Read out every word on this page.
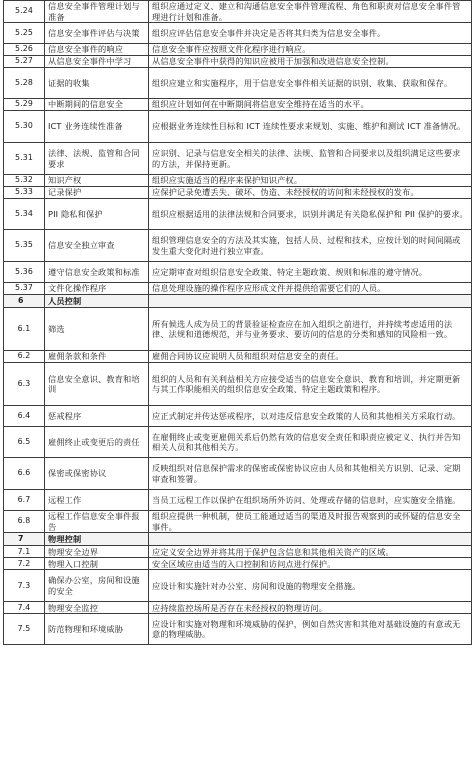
5.24	信息安全事件管理计划与准备	组织应通过定义、建立和沟通信息安全事件管理流程、角色和职责对信息安全事件管理进行计划和准备。
5.25	信息安全事件评估与决策	组织应评估信息安全事件并决定是否将其归类为信息安全事件。
5.26	信息安全事件的响应	信息安全事件应按照文件化程序进行响应。
5.27	从信息安全事件中学习	从信息安全事件中获得的知识应被用于加强和改进信息安全控制。
5.28	证据的收集	组织应建立和实施程序，用于信息安全事件相关证据的识别、收集、获取和保存。
5.29	中断期间的信息安全	组织应计划如何在中断期间将信息安全维持在适当的水平。
5.30	ICT 业务连续性准备	应根据业务连续性目标和 ICT 连续性要求来规划、实施、维护和测试 ICT 准备情况。
5.31	法律、法规、监管和合同要求	应识别、记录与信息安全相关的法律、法规、监管和合同要求以及组织满足这些要求的方法，并保持更新。
5.32	知识产权	组织应实施适当的程序来保护知识产权。
5.33	记录保护	应保护记录免遭丢失、破坏、伪造、未经授权的访问和未经授权的发布。
5.34	PII 隐私和保护	组织应根据适用的法律法规和合同要求，识别并满足有关隐私保护和 PII 保护的要求。
5.35	信息安全独立审查	组织管理信息安全的方法及其实施，包括人员、过程和技术，应按计划的时间间隔或发生重大变化时进行独立审查。
5.36	遵守信息安全政策和标准	应定期审查对组织信息安全政策、特定主题政策、规则和标准的遵守情况。
5.37	文件化操作程序	信息处理设施的操作程序应形成文件并提供给需要它们的人员。
6	人员控制	
6.1	筛选	所有候选人成为员工的背景验证检查应在加入组织之前进行，并持续考虑适用的法律、法规和道德规范，并与业务要求、要访问的信息的分类和感知的风险相一致。
6.2	雇佣条款和条件	雇佣合同协议应说明人员和组织对信息安全的责任。
6.3	信息安全意识、教育和培训	组织的人员和有关利益相关方应接受适当的信息安全意识、教育和培训，并定期更新与其工作职能相关的组织信息安全政策、特定主题政策和程序。
6.4	惩戒程序	应正式制定并传达惩戒程序，以对违反信息安全政策的人员和其他相关方采取行动。
6.5	雇佣终止或变更后的责任	在雇佣终止或变更雇佣关系后仍然有效的信息安全责任和职责应被定义、执行并告知相关人员和其他相关方。
6.6	保密或保密协议	反映组织对信息保护需求的保密或保密协议应由人员和其他相关方识别、记录、定期审查和签署。
6.7	远程工作	当员工远程工作以保护在组织场所外访问、处理或存储的信息时，应实施安全措施。
6.8	远程工作信息安全事件报告	组织应提供一种机制，使员工能通过适当的渠道及时报告观察到的或怀疑的信息安全事件。
7	物理控制	
7.1	物理安全边界	应定义安全边界并将其用于保护包含信息和其他相关资产的区域。
7.2	物理入口控制	安全区域应由适当的入口控制和访问点进行保护。
7.3	确保办公室，房间和设施的安全	应设计和实施针对办公室、房间和设施的物理安全措施。
7.4	物理安全监控	应持续监控场所是否存在未经授权的物理访问。
7.5	防范物理和环境威胁	应设计和实施对物理和环境威胁的保护，例如自然灾害和其他对基础设施的有意或无意的物理威胁。
